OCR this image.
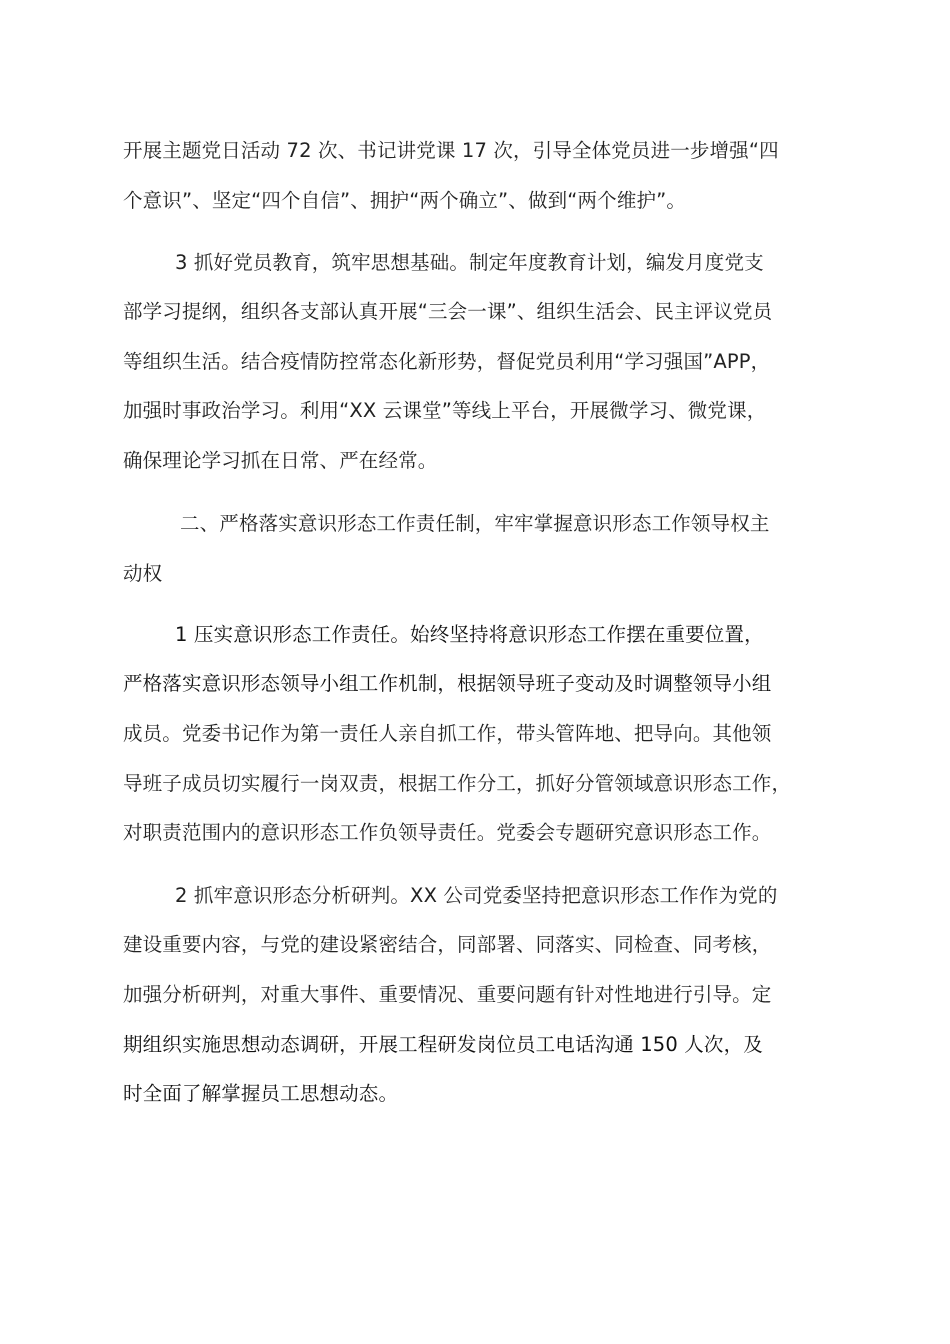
开展主题党日活动 72 次、书记讲党课 17 次，引导全体党员进一步增强“四
个意识”、坚定“四个自信”、拥护“两个确立”、做到“两个维护”。
3 抓好党员教育，筑牢思想基础。制定年度教育计划，编发月度党支
部学习提纲，组织各支部认真开展“三会一课”、组织生活会、民主评议党员
等组织生活。结合疫情防控常态化新形势，督促党员利用“学习强国”APP，
加强时事政治学习。利用“XX 云课堂”等线上平台，开展微学习、微党课，
确保理论学习抓在日常、严在经常。
二、严格落实意识形态工作责任制，牢牢掌握意识形态工作领导权主
动权
1 压实意识形态工作责任。始终坚持将意识形态工作摆在重要位置，
严格落实意识形态领导小组工作机制，根据领导班子变动及时调整领导小组
成员。党委书记作为第一责任人亲自抓工作，带头管阵地、把导向。其他领
导班子成员切实履行一岗双责，根据工作分工，抓好分管领域意识形态工作，
对职责范围内的意识形态工作负领导责任。党委会专题研究意识形态工作。
2 抓牢意识形态分析研判。XX 公司党委坚持把意识形态工作作为党的
建设重要内容，与党的建设紧密结合，同部署、同落实、同检查、同考核，
加强分析研判，对重大事件、重要情况、重要问题有针对性地进行引导。定
期组织实施思想动态调研，开展工程研发岗位员工电话沟通 150 人次，及
时全面了解掌握员工思想动态。
